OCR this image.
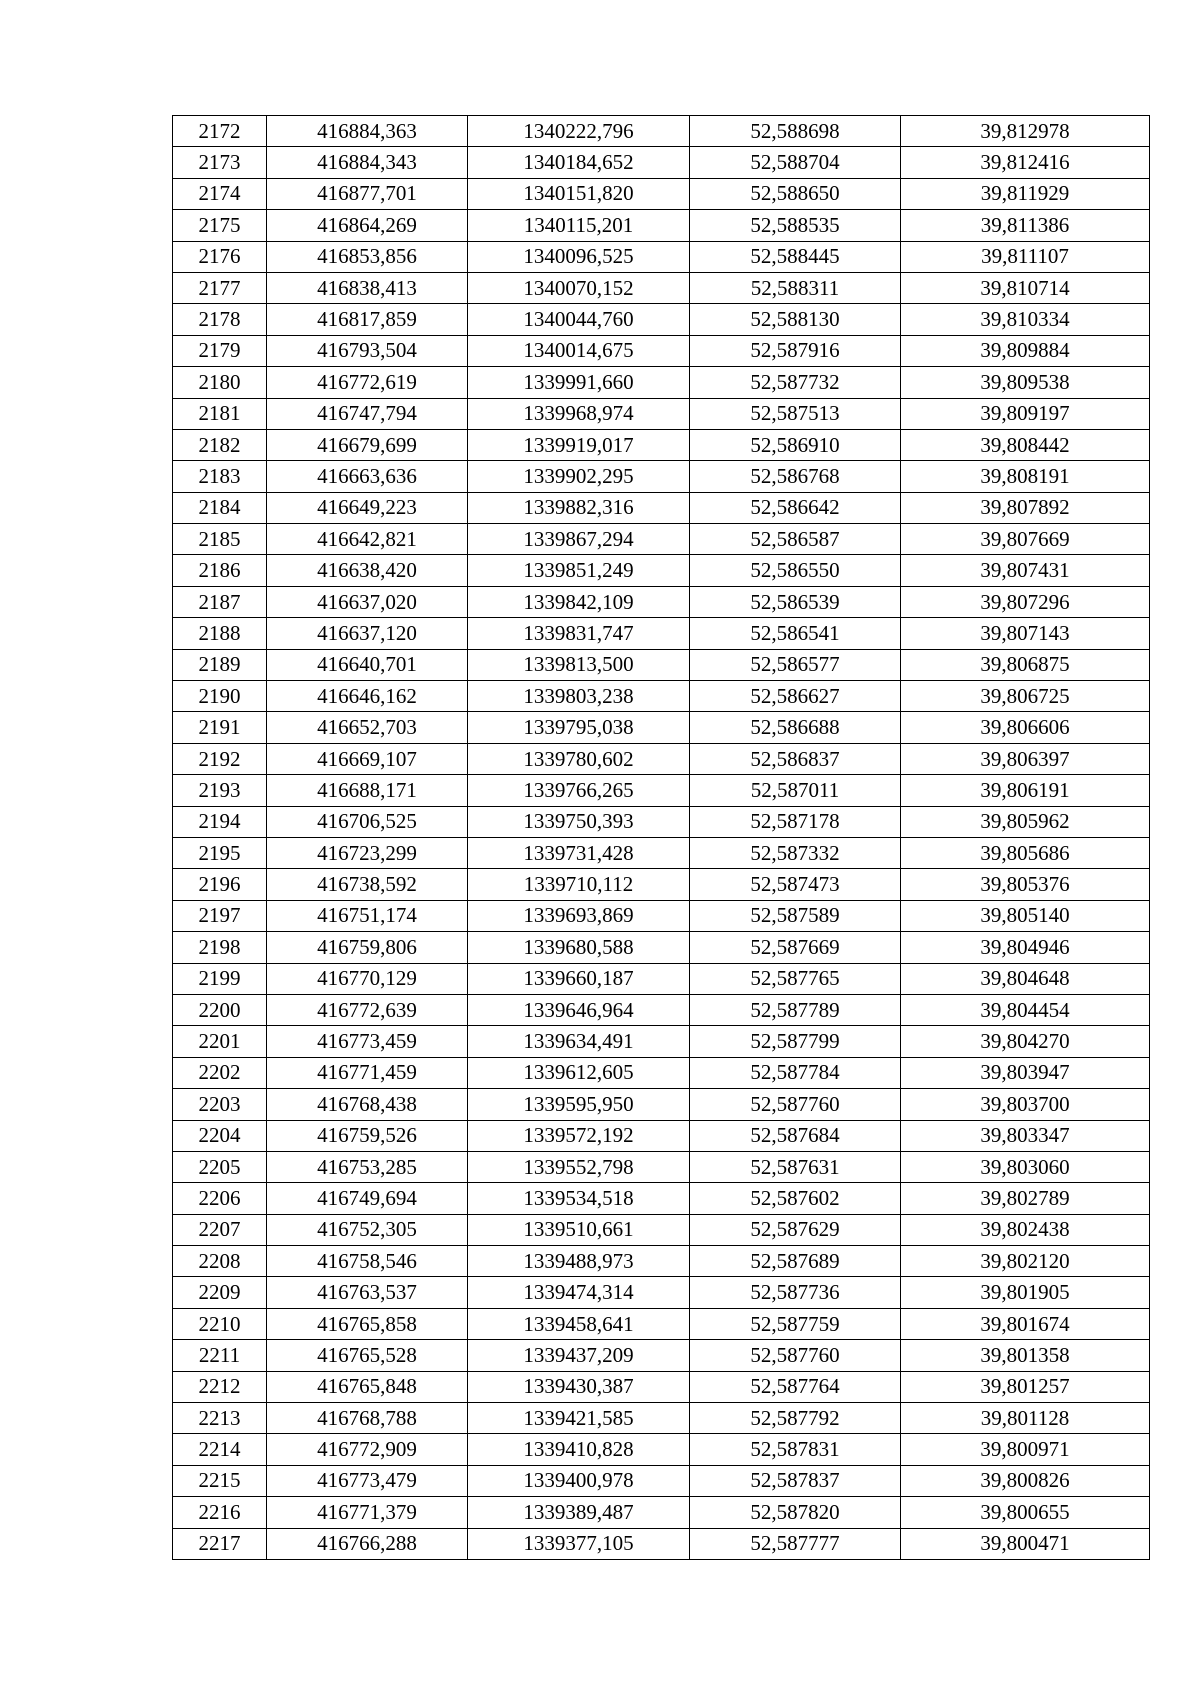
2172	416884,363	1340222,796	52,588698	39,812978
2173	416884,343	1340184,652	52,588704	39,812416
2174	416877,701	1340151,820	52,588650	39,811929
2175	416864,269	1340115,201	52,588535	39,811386
2176	416853,856	1340096,525	52,588445	39,811107
2177	416838,413	1340070,152	52,588311	39,810714
2178	416817,859	1340044,760	52,588130	39,810334
2179	416793,504	1340014,675	52,587916	39,809884
2180	416772,619	1339991,660	52,587732	39,809538
2181	416747,794	1339968,974	52,587513	39,809197
2182	416679,699	1339919,017	52,586910	39,808442
2183	416663,636	1339902,295	52,586768	39,808191
2184	416649,223	1339882,316	52,586642	39,807892
2185	416642,821	1339867,294	52,586587	39,807669
2186	416638,420	1339851,249	52,586550	39,807431
2187	416637,020	1339842,109	52,586539	39,807296
2188	416637,120	1339831,747	52,586541	39,807143
2189	416640,701	1339813,500	52,586577	39,806875
2190	416646,162	1339803,238	52,586627	39,806725
2191	416652,703	1339795,038	52,586688	39,806606
2192	416669,107	1339780,602	52,586837	39,806397
2193	416688,171	1339766,265	52,587011	39,806191
2194	416706,525	1339750,393	52,587178	39,805962
2195	416723,299	1339731,428	52,587332	39,805686
2196	416738,592	1339710,112	52,587473	39,805376
2197	416751,174	1339693,869	52,587589	39,805140
2198	416759,806	1339680,588	52,587669	39,804946
2199	416770,129	1339660,187	52,587765	39,804648
2200	416772,639	1339646,964	52,587789	39,804454
2201	416773,459	1339634,491	52,587799	39,804270
2202	416771,459	1339612,605	52,587784	39,803947
2203	416768,438	1339595,950	52,587760	39,803700
2204	416759,526	1339572,192	52,587684	39,803347
2205	416753,285	1339552,798	52,587631	39,803060
2206	416749,694	1339534,518	52,587602	39,802789
2207	416752,305	1339510,661	52,587629	39,802438
2208	416758,546	1339488,973	52,587689	39,802120
2209	416763,537	1339474,314	52,587736	39,801905
2210	416765,858	1339458,641	52,587759	39,801674
2211	416765,528	1339437,209	52,587760	39,801358
2212	416765,848	1339430,387	52,587764	39,801257
2213	416768,788	1339421,585	52,587792	39,801128
2214	416772,909	1339410,828	52,587831	39,800971
2215	416773,479	1339400,978	52,587837	39,800826
2216	416771,379	1339389,487	52,587820	39,800655
2217	416766,288	1339377,105	52,587777	39,800471
